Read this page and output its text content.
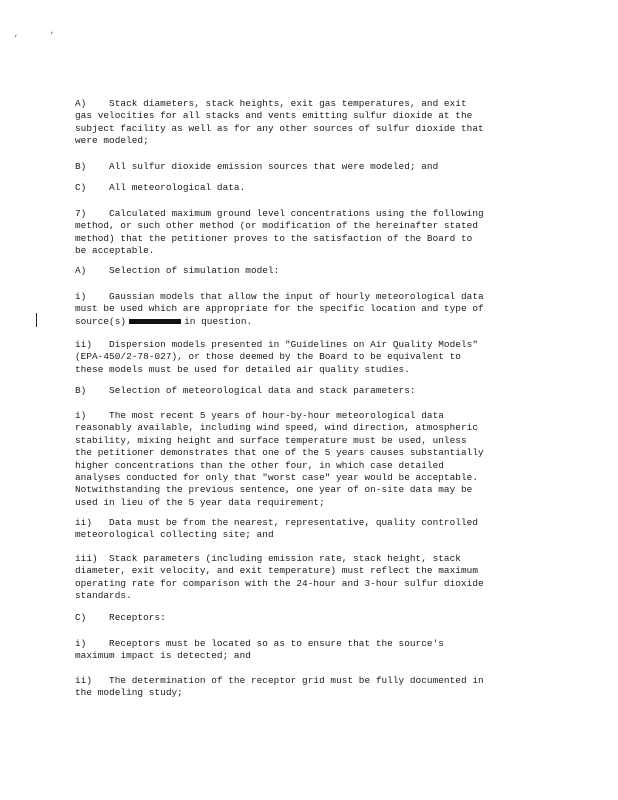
,	,
A)    Stack diameters, stack heights, exit gas temperatures, and exit
gas velocities for all stacks and vents emitting sulfur dioxide at the
subject facility as well as for any other sources of sulfur dioxide that
were modeled;
B)    All sulfur dioxide emission sources that were modeled; and
C)    All meteorological data.
7)    Calculated maximum ground level concentrations using the following
method, or such other method (or modification of the hereinafter stated
method) that the petitioner proves to the satisfaction of the Board to
be acceptable.
A)    Selection of simulation model:
i)    Gaussian models that allow the input of hourly meteorological data
must be used which are appropriate for the specific location and type of
source(s)	in question.
ii)   Dispersion models presented in "Guidelines on Air Quality Models"
(EPA-450/2-78-027), or those deemed by the Board to be equivalent to
these models must be used for detailed air quality studies.
B)    Selection of meteorological data and stack parameters:
i)    The most recent 5 years of hour-by-hour meteorological data
reasonably available, including wind speed, wind direction, atmospheric
stability, mixing height and surface temperature must be used, unless
the petitioner demonstrates that one of the 5 years causes substantially
higher concentrations than the other four, in which case detailed
analyses conducted for only that "worst case" year would be acceptable.
Notwithstanding the previous sentence, one year of on-site data may be
used in lieu of the 5 year data requirement;
ii)   Data must be from the nearest, representative, quality controlled
meteorological collecting site; and
iii)  Stack parameters (including emission rate, stack height, stack
diameter, exit velocity, and exit temperature) must reflect the maximum
operating rate for comparison with the 24-hour and 3-hour sulfur dioxide
standards.
C)    Receptors:
i)    Receptors must be located so as to ensure that the source's
maximum impact is detected; and
ii)   The determination of the receptor grid must be fully documented in
the modeling study;
